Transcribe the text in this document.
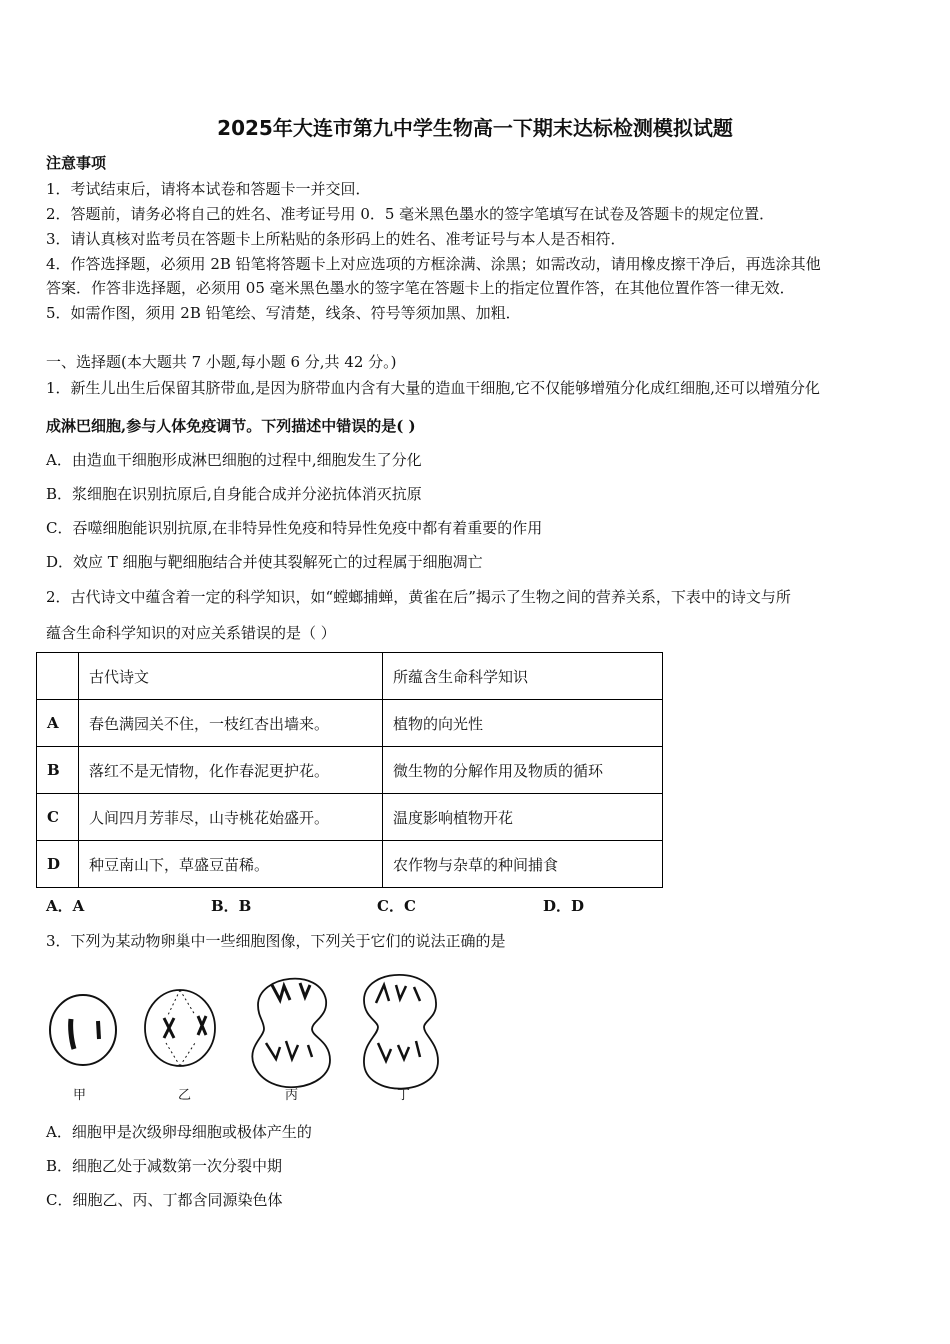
2025年大连市第九中学生物高一下期末达标检测模拟试题
注意事项
1．考试结束后，请将本试卷和答题卡一并交回．
2．答题前，请务必将自己的姓名、准考证号用 0．5 毫米黑色墨水的签字笔填写在试卷及答题卡的规定位置．
3．请认真核对监考员在答题卡上所粘贴的条形码上的姓名、准考证号与本人是否相符．
4．作答选择题，必须用 2B 铅笔将答题卡上对应选项的方框涂满、涂黑；如需改动，请用橡皮擦干净后，再选涂其他
答案．作答非选择题，必须用 05 毫米黑色墨水的签字笔在答题卡上的指定位置作答，在其他位置作答一律无效．
5．如需作图，须用 2B 铅笔绘、写清楚，线条、符号等须加黑、加粗．
一、选择题(本大题共 7 小题,每小题 6 分,共 42 分。)
1．新生儿出生后保留其脐带血,是因为脐带血内含有大量的造血干细胞,它不仅能够增殖分化成红细胞,还可以增殖分化
成淋巴细胞,参与人体免疫调节。下列描述中错误的是( )
A．由造血干细胞形成淋巴细胞的过程中,细胞发生了分化
B．浆细胞在识别抗原后,自身能合成并分泌抗体消灭抗原
C．吞噬细胞能识别抗原,在非特异性免疫和特异性免疫中都有着重要的作用
D．效应 T 细胞与靶细胞结合并使其裂解死亡的过程属于细胞凋亡
2．古代诗文中蕴含着一定的科学知识，如“螳螂捕蝉，黄雀在后”揭示了生物之间的营养关系，下表中的诗文与所
蕴含生命科学知识的对应关系错误的是（ ）
	古代诗文	所蕴含生命科学知识
A	春色满园关不住，一枝红杏出墙来。	植物的向光性
B	落红不是无情物，化作春泥更护花。	微生物的分解作用及物质的循环
C	人间四月芳菲尽，山寺桃花始盛开。	温度影响植物开花
D	种豆南山下，草盛豆苗稀。	农作物与杂草的种间捕食
A．A	B．B	C．C	D．D
3．下列为某动物卵巢中一些细胞图像，下列关于它们的说法正确的是
甲	乙	丙	丁
A．细胞甲是次级卵母细胞或极体产生的
B．细胞乙处于减数第一次分裂中期
C．细胞乙、丙、丁都含同源染色体
